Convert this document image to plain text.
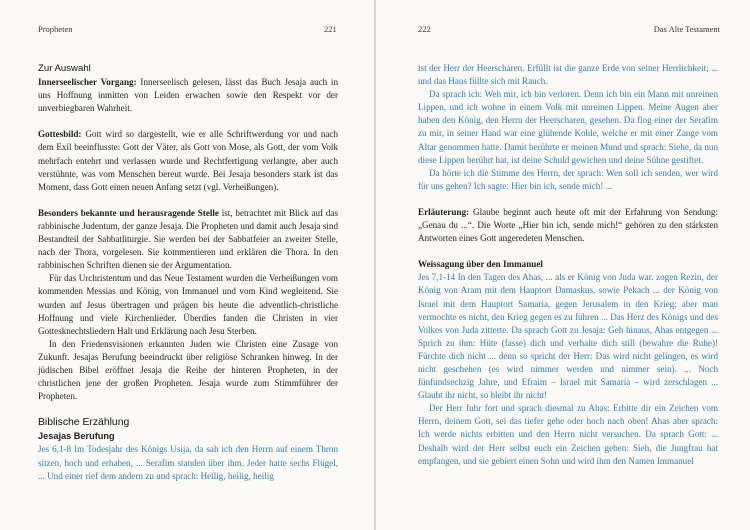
Propheten	221
Zur Auswahl

Innerseelischer Vorgang: Innerseelisch gelesen, lässt das Buch Jesaja auch in uns Hoffnung inmitten von Leiden erwachen sowie den Respekt vor der unverbiegbaren Wahrheit.

Gottesbild: Gott wird so dargestellt, wie er alle Schriftwerdung vor und nach dem Exil beeinflusste: Gott der Väter, als Gott von Mose, als Gott, der vom Volk mehrfach entehrt und verlassen wurde und Rechtfertigung verlangte, aber auch verstühnte, was vom Menschen bereut wurde. Bei Jesaja besonders stark ist das Moment, dass Gott einen neuen Anfang setzt (vgl. Verheißungen).

Besonders bekannte und herausragende Stelle ist, betrachtet mit Blick auf das rabbinische Judentum, der ganze Jesaja. Die Propheten und damit auch Jesaja sind Bestandteil der Sabbatliturgie. Sie werden bei der Sabbatfeier an zweiter Stelle, nach der Thora, vorgelesen. Sie kommentieren und erklären die Thora. In den rabbinischen Schriften dienen sie der Argumentation.

Für das Urchristentum und das Neue Testament wurden die Verheißungen vom kommenden Messias und König, von Immanuel und vom Kind wegleitend. Sie wurden auf Jesus übertragen und prägen bis heute die adventlich-christliche Hoffnung und viele Kirchenlieder. Überdies fanden die Christen in vier Gottesknechtsliedern Halt und Erklärung nach Jesu Sterben.

In den Friedensvisionen erkannten Juden wie Christen eine Zusage von Zukunft. Jesajas Berufung beeindruckt über religiöse Schranken hinweg. In der jüdischen Bibel eröffnet Jesaja die Reihe der hinteren Propheten, in der christlichen jene der großen Propheten. Jesaja wurde zum Stimmführer der Propheten.

Biblische Erzählung
Jesajas Berufung

Jes 6,1-8 Im Todesjahr des Königs Usija, da sah ich den Herrn auf einem Thron sitzen, hoch und erhaben, ... Serafim standen über ihm. Jeder hatte sechs Flügel, ... Und einer rief dem andern zu und sprach: Heilig, heilig, heilig

222	Das Alte Testament

ist der Herr der Heerscharen. Erfüllt ist die ganze Erde von seiner Herrlichkeit; ... und das Haus füllte sich mit Rauch.

Da sprach ich: Weh mir, ich bin verloren. Denn ich bin ein Mann mit unreinen Lippen, und ich wohne in einem Volk mit unreinen Lippen. Meine Augen aber haben den König, den Herrn der Heerscharen, gesehen. Da flog einer der Serafim zu mir, in seiner Hand war eine glühende Kohle, welche er mit einer Zange vom Altar genommen hatte. Damit berührte er meinen Mund und sprach: Siehe, da nun diese Lippen berührt hat, ist deine Schuld gewichen und deine Sühne gestiftet.

Da hörte ich die Stimme des Herrn, der sprach: Wen soll ich senden, wer wird für uns gehen? Ich sagte: Hier bin ich, sende mich! ...

Erläuterung: Glaube beginnt auch heute oft mit der Erfahrung von Sendung: „Genau du ...“. Die Worte „Hier bin ich, sende mich!“ gehören zu den stärksten Antworten eines Gott angeredeten Menschen.

Weissagung über den Immanuel

Jes 7,1-14 In den Tagen des Ahas, ... als er König von Juda war. zogen Rezin, der König von Aram mit dem Hauptort Damaskus, sowie Pekach ... der König von Israel mit dem Hauptort Samaria, gegen Jerusalem in den Krieg; aber man vermochte es nicht, den Krieg gegen es zu führen ... Das Herz des Königs und des Volkes von Juda zitterte. Da sprach Gott zu Jesaja: Geh hinaus, Ahas entgegen ... Sprich zu ihm: Hüte (fasse) dich und verhalte dich still (bewahre die Ruhe)! Fürchte dich nicht ... denn so spricht der Herr: Das wird nicht gelingen, es wird nicht geschehen (es wird nimmer werden und nimmer sein). ... Noch fünfundsechzig Jahre, und Efraim – Israel mit Samaria – wird zerschlagen ... Glaubt ihr nicht, so bleibt ihr nicht!

Der Herr fuhr fort und sprach diesmal zu Ahas: Erbitte dir ein Zeichen vom Herrn, deinem Gott, sei das tiefer gehe oder hoch nach oben! Ahas aber sprach: Ich werde nichts erbitten und den Herrn nicht versuchen. Da sprach Gott: ... Deshalb wird der Herr selbst euch ein Zeichen geben: Sieh, die Jungfrau hat empfangen, und sie gebiert einen Sohn und wird ihm den Namen Immanuel
